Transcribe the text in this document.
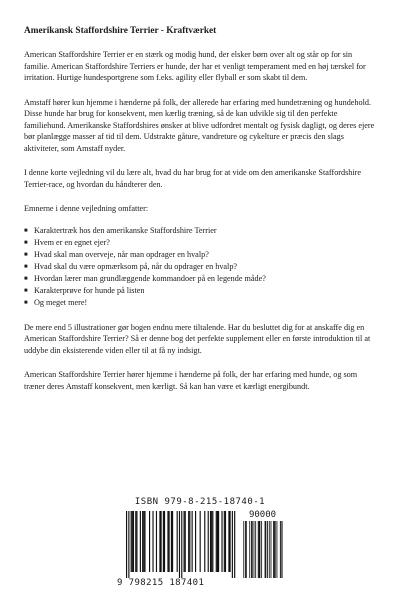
Amerikansk Staffordshire Terrier - Kraftværket

American Staffordshire Terrier er en stærk og modig hund, der elsker børn over alt og står op for sin familie. American Staffordshire Terriers er hunde, der har et venligt temperament med en høj tærskel for irritation. Hurtige hundesportgrene som f.eks. agility eller flyball er som skabt til dem.

Amstaff hører kun hjemme i hænderne på folk, der allerede har erfaring med hundetræning og hundehold. Disse hunde har brug for konsekvent, men kærlig træning, så de kan udvikle sig til den perfekte familiehund. Amerikanske Staffordshires ønsker at blive udfordret mentalt og fysisk dagligt, og deres ejere bør planlægge masser af tid til dem. Udstrakte gåture, vandreture og cykelture er præcis den slags aktiviteter, som Amstaff nyder.

I denne korte vejledning vil du lære alt, hvad du har brug for at vide om den amerikanske Staffordshire Terrier-race, og hvordan du håndterer den.

Emnerne i denne vejledning omfatter:

■ Karaktertræk hos den amerikanske Staffordshire Terrier
■ Hvem er en egnet ejer?
■ Hvad skal man overveje, når man opdrager en hvalp?
■ Hvad skal du være opmærksom på, når du opdrager en hvalp?
■ Hvordan lærer man grundlæggende kommandoer på en legende måde?
■ Karakterprøve for hunde på listen
■ Og meget mere!

De mere end 5 illustrationer gør bogen endnu mere tiltalende. Har du besluttet dig for at anskaffe dig en American Staffordshire Terrier? Så er denne bog det perfekte supplement eller en første introduktion til at uddybe din eksisterende viden eller til at få ny indsigt.

American Staffordshire Terrier hører hjemme i hænderne på folk, der har erfaring med hunde, og som træner deres Amstaff konsekvent, men kærligt. Så kan han være et kærligt energibundt.

ISBN 979-8-215-18740-1
90000
9 798215 187401
